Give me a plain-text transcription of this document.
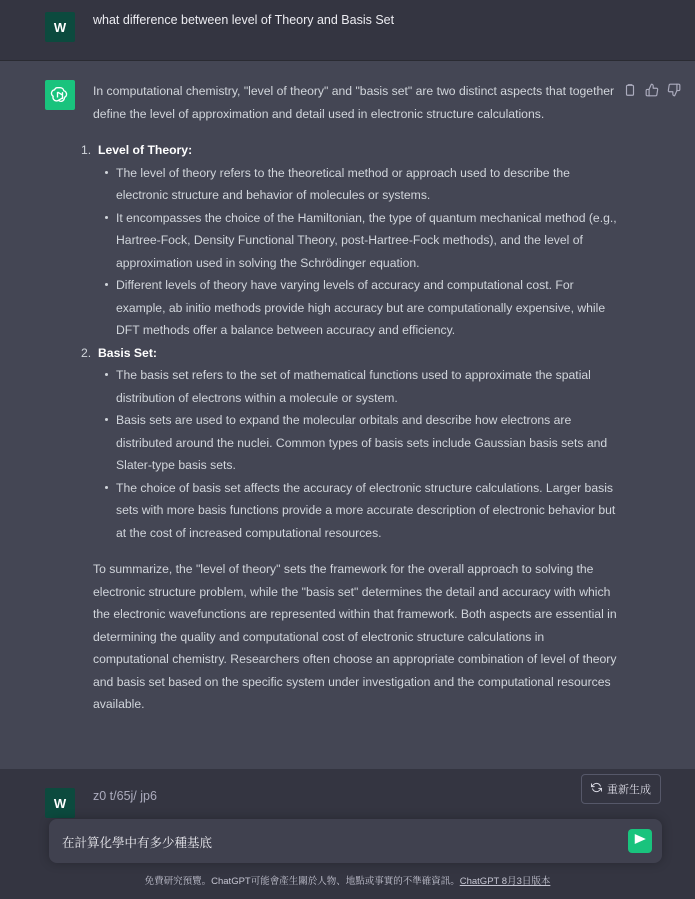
W what difference between level of Theory and Basis Set

In computational chemistry, "level of theory" and "basis set" are two distinct aspects that together define the level of approximation and detail used in electronic structure calculations.

1. Level of Theory:
The level of theory refers to the theoretical method or approach used to describe the electronic structure and behavior of molecules or systems.
It encompasses the choice of the Hamiltonian, the type of quantum mechanical method (e.g., Hartree-Fock, Density Functional Theory, post-Hartree-Fock methods), and the level of approximation used in solving the Schrödinger equation.
Different levels of theory have varying levels of accuracy and computational cost. For example, ab initio methods provide high accuracy but are computationally expensive, while DFT methods offer a balance between accuracy and efficiency.
2. Basis Set:
The basis set refers to the set of mathematical functions used to approximate the spatial distribution of electrons within a molecule or system.
Basis sets are used to expand the molecular orbitals and describe how electrons are distributed around the nuclei. Common types of basis sets include Gaussian basis sets and Slater-type basis sets.
The choice of basis set affects the accuracy of electronic structure calculations. Larger basis sets with more basis functions provide a more accurate description of electronic behavior but at the cost of increased computational resources.

To summarize, the "level of theory" sets the framework for the overall approach to solving the electronic structure problem, while the "basis set" determines the detail and accuracy with which the electronic wavefunctions are represented within that framework. Both aspects are essential in determining the quality and computational cost of electronic structure calculations in computational chemistry. Researchers often choose an appropriate combination of level of theory and basis set based on the specific system under investigation and the computational resources available.

W z0 t/65j/ jp6	重新生成
在計算化學中有多少種基底
免費研究預覽。ChatGPT可能會產生關於人物、地點或事實的不準確資訊。ChatGPT 8月3日版本
